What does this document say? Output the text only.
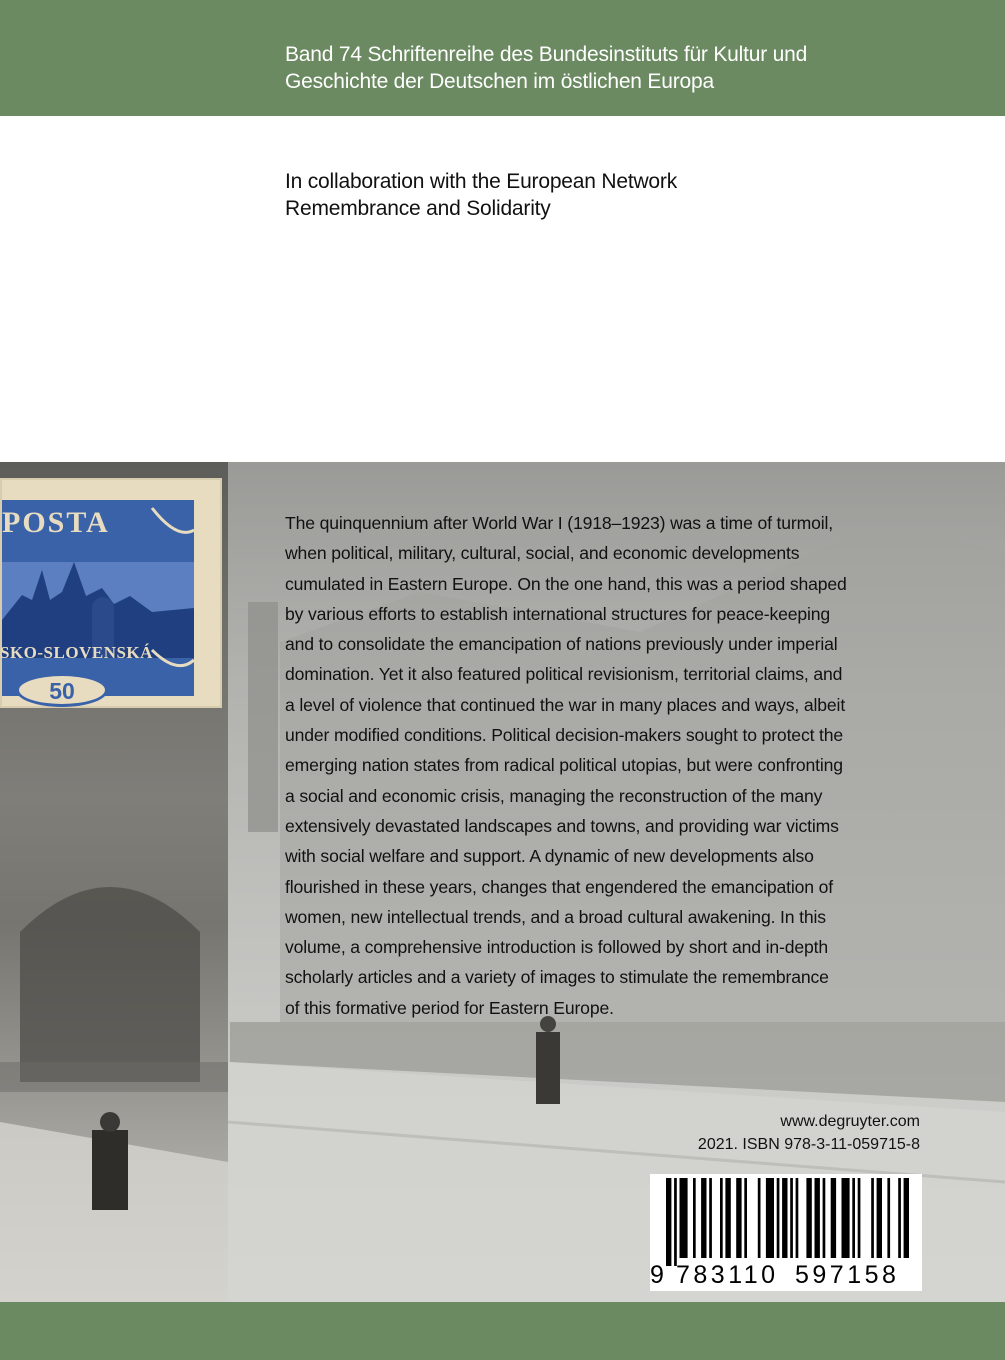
Band 74 Schriftenreihe des Bundesinstituts für Kultur und
Geschichte der Deutschen im östlichen Europa
In collaboration with the European Network
Remembrance and Solidarity
POSTA
SKO-SLOVENSKÁ
50
The quinquennium after World War I (1918–1923) was a time of turmoil,
when political, military, cultural, social, and economic developments
cumulated in Eastern Europe. On the one hand, this was a period shaped
by various efforts to establish international structures for peace-keeping
and to consolidate the emancipation of nations previously under imperial
domination. Yet it also featured political revisionism, territorial claims, and
a level of violence that continued the war in many places and ways, albeit
under modified conditions. Political decision-makers sought to protect the
emerging nation states from radical political utopias, but were confronting
a social and economic crisis, managing the reconstruction of the many
extensively devastated landscapes and towns, and providing war victims
with social welfare and support. A dynamic of new developments also
flourished in these years, changes that engendered the emancipation of
women, new intellectual trends, and a broad cultural awakening. In this
volume, a comprehensive introduction is followed by short and in-depth
scholarly articles and a variety of images to stimulate the remembrance
of this formative period for Eastern Europe.
www.degruyter.com
2021. ISBN 978-3-11-059715-8
9 783110 597158
